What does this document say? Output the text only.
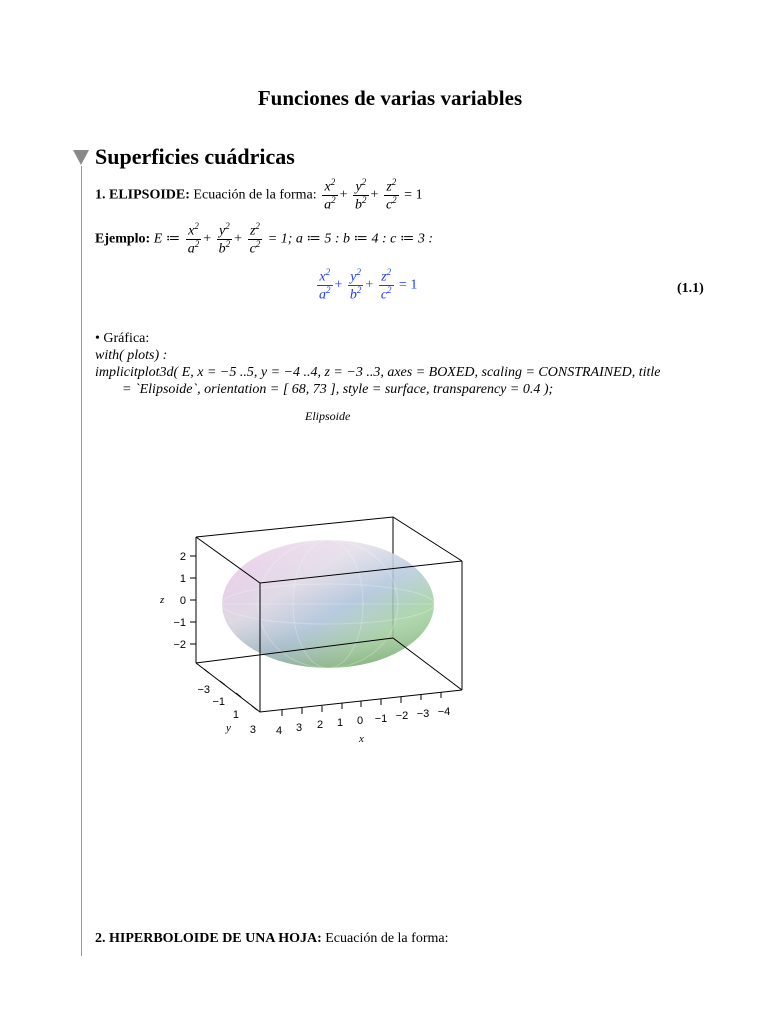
Funciones de varias variables
Superficies cuádricas
1. ELIPSOIDE: Ecuación de la forma: $\frac{x^2}{a^2} + \frac{y^2}{b^2} + \frac{z^2}{c^2} = 1$
Ejemplo: E ≔ $\frac{x^2}{a^2} + \frac{y^2}{b^2} + \frac{z^2}{c^2} = 1$; a ≔ 5 : b ≔ 4 : c ≔ 3 :
$\frac{x^2}{a^2} + \frac{y^2}{b^2} + \frac{z^2}{c^2} = 1$	(1.1)
• Gráfica:
with( plots) :
implicitplot3d( E, x = −5 ..5, y = −4 ..4, z = −3 ..3, axes = BOXED, scaling = CONSTRAINED, title
= `Elipsoide`, orientation = [ 68, 73 ], style = surface, transparency = 0.4 );
Elipsoide
2
1
0
−1
−2
z
−3
−1
1
3
y	4 3 2 1 0 −1 −2 −3 −4
x
2. HIPERBOLOIDE DE UNA HOJA: Ecuación de la forma:
